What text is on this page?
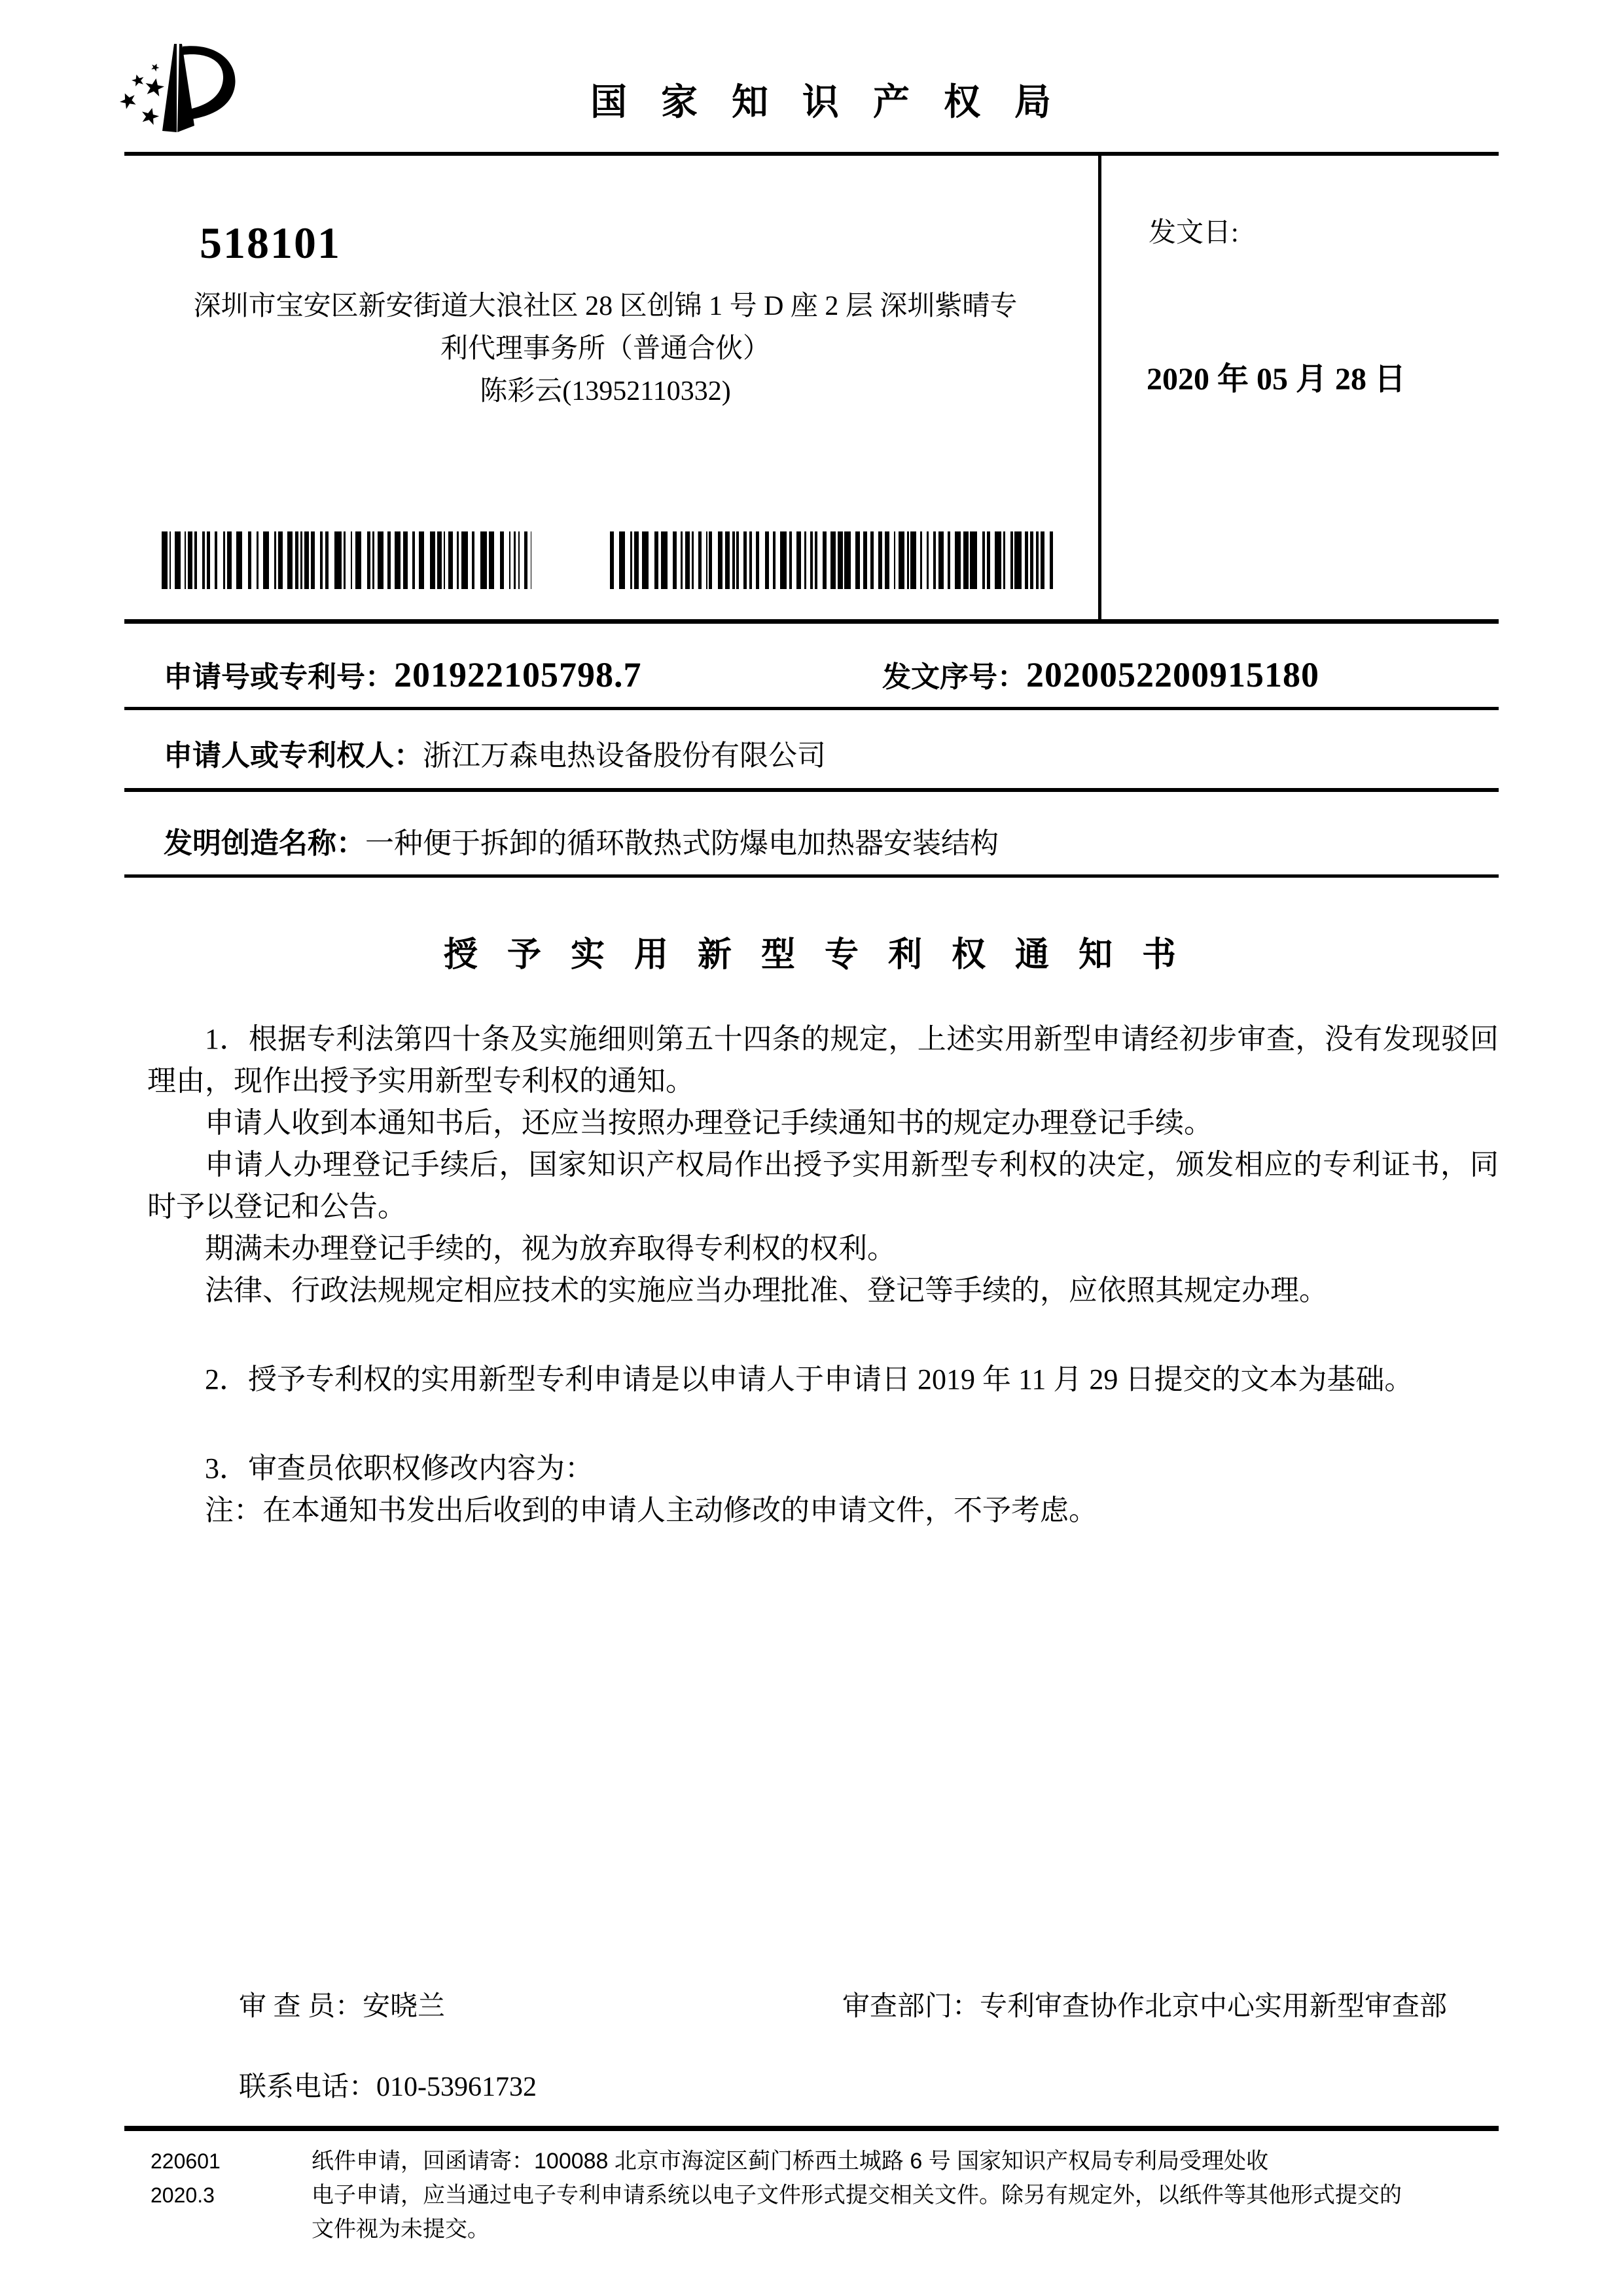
国家知识产权局
518101
深圳市宝安区新安街道大浪社区 28 区创锦 1 号 D 座 2 层 深圳紫晴专
利代理事务所（普通合伙）
陈彩云(13952110332)
发文日:
2020 年 05 月 28 日
申请号或专利号：201922105798.7	发文序号：2020052200915180
申请人或专利权人：浙江万森电热设备股份有限公司
发明创造名称：一种便于拆卸的循环散热式防爆电加热器安装结构
授予实用新型专利权通知书

1．根据专利法第四十条及实施细则第五十四条的规定，上述实用新型申请经初步审查，没有发现驳回理由，现作出授予实用新型专利权的通知。

申请人收到本通知书后，还应当按照办理登记手续通知书的规定办理登记手续。

申请人办理登记手续后，国家知识产权局作出授予实用新型专利权的决定，颁发相应的专利证书，同时予以登记和公告。

期满未办理登记手续的，视为放弃取得专利权的权利。

法律、行政法规规定相应技术的实施应当办理批准、登记等手续的，应依照其规定办理。

2．授予专利权的实用新型专利申请是以申请人于申请日 2019 年 11 月 29 日提交的文本为基础。

3．审查员依职权修改内容为：

注：在本通知书发出后收到的申请人主动修改的申请文件，不予考虑。

审 查 员：安晓兰	审查部门：专利审查协作北京中心实用新型审查部
联系电话：010-53961732
220601
2020.3
纸件申请，回函请寄：100088 北京市海淀区蓟门桥西土城路 6 号 国家知识产权局专利局受理处收
电子申请，应当通过电子专利申请系统以电子文件形式提交相关文件。除另有规定外，以纸件等其他形式提交的
文件视为未提交。
